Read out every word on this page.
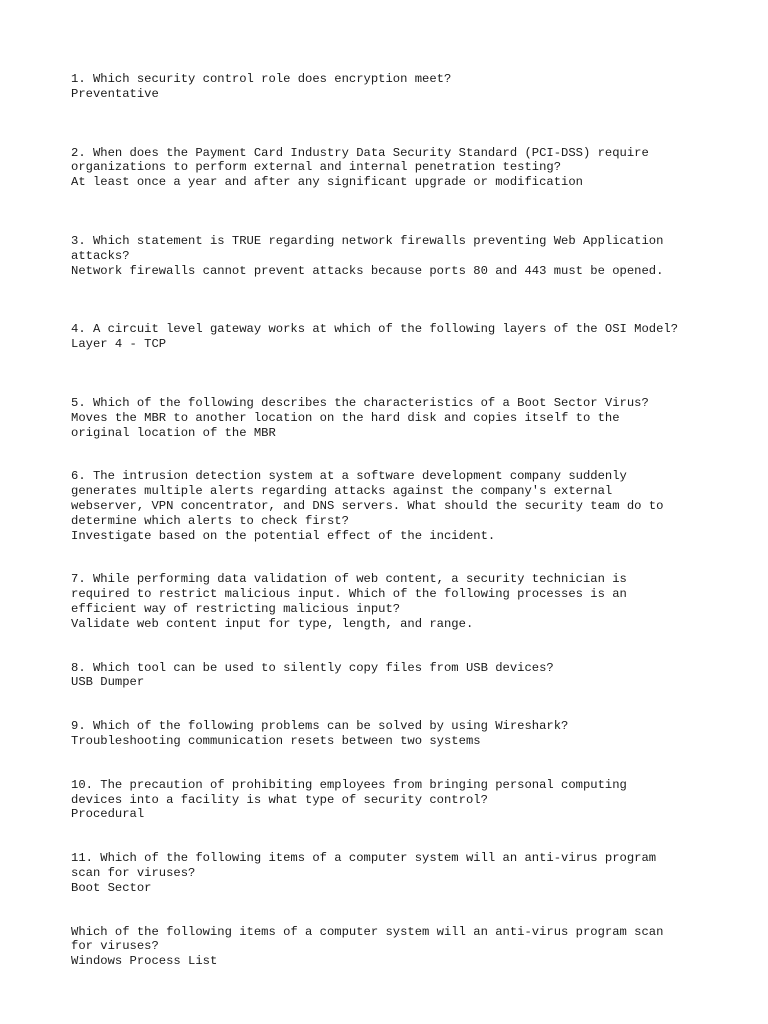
1. Which security control role does encryption meet?
Preventative
2. When does the Payment Card Industry Data Security Standard (PCI-DSS) require
organizations to perform external and internal penetration testing?
At least once a year and after any significant upgrade or modification
3. Which statement is TRUE regarding network firewalls preventing Web Application
attacks?
Network firewalls cannot prevent attacks because ports 80 and 443 must be opened.
4. A circuit level gateway works at which of the following layers of the OSI Model?
Layer 4 - TCP
5. Which of the following describes the characteristics of a Boot Sector Virus?
Moves the MBR to another location on the hard disk and copies itself to the
original location of the MBR
6. The intrusion detection system at a software development company suddenly
generates multiple alerts regarding attacks against the company's external
webserver, VPN concentrator, and DNS servers. What should the security team do to
determine which alerts to check first?
Investigate based on the potential effect of the incident.
7. While performing data validation of web content, a security technician is
required to restrict malicious input. Which of the following processes is an
efficient way of restricting malicious input?
Validate web content input for type, length, and range.
8. Which tool can be used to silently copy files from USB devices?
USB Dumper
9. Which of the following problems can be solved by using Wireshark?
Troubleshooting communication resets between two systems
10. The precaution of prohibiting employees from bringing personal computing
devices into a facility is what type of security control?
Procedural
11. Which of the following items of a computer system will an anti-virus program
scan for viruses?
Boot Sector
Which of the following items of a computer system will an anti-virus program scan
for viruses?
Windows Process List
